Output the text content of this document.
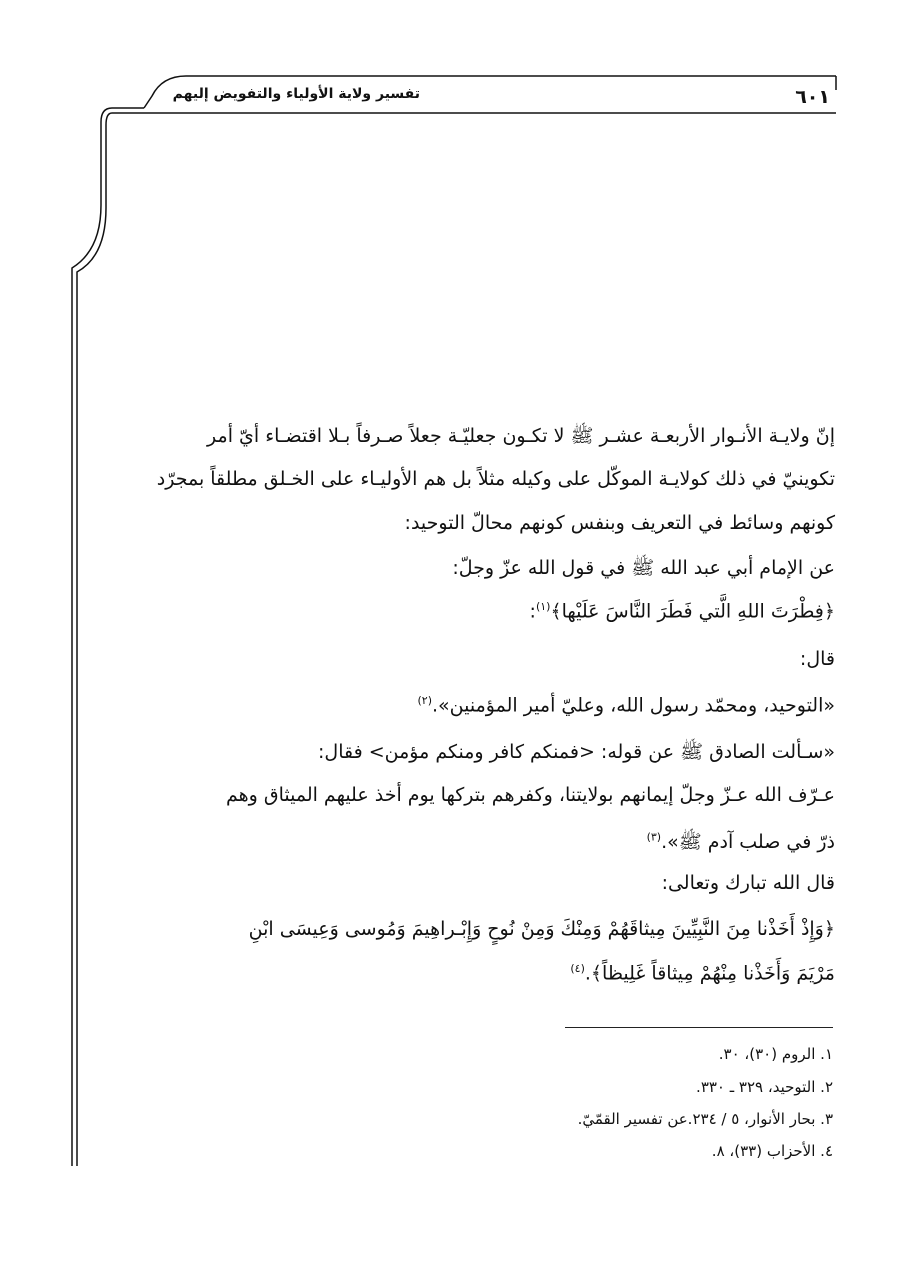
٦٠١
تفسير ولاية الأولياء والتفويض إليهم
إنّ ولايـة الأنـوار الأربعـة عشـر ﷺ لا تكـون جعليّـة جعلاً صـرفاً بـلا اقتضـاء أيّ أمر
تكوينيّ في ذلك كولايـة الموكّل على وكيله مثلاً بل هم الأوليـاء على الخـلق مطلقاً بمجرّد
كونهم وسائط في التعريف وبنفس كونهم محالّ التوحيد:
عن الإمام أبي عبد الله ﷺ في قول الله عزّ وجلّ:
﴿فِطْرَتَ اللهِ الَّتي فَطَرَ النَّاسَ عَلَيْها﴾$^{(١)}$:
قال:
«التوحيد، ومحمّد رسول الله، وعليّ أمير المؤمنين».$^{(٢)}$
«سـألت الصادق ﷺ عن قوله: <فمنكم كافر ومنكم مؤمن> فقال:
عـرّف الله عـزّ وجلّ إيمانهم بولايتنا، وكفرهم بتركها يوم أخذ عليهم الميثاق وهم
ذرّ في صلب آدم ﷺ».$^{(٣)}$
قال الله تبارك وتعالى:
﴿وَإِذْ أَخَذْنا مِنَ النَّبِيِّينَ مِيثاقَهُمْ وَمِنْكَ وَمِنْ نُوحٍ وَإِبْـراهِيمَ وَمُوسى وَعِيسَى ابْنِ
مَرْيَمَ وَأَخَذْنا مِنْهُمْ مِيثاقاً غَلِيظاً﴾.$^{(٤)}$
١. الروم (٣٠)، ٣٠.
٢. التوحيد، ٣٢٩ ـ ٣٣٠.
٣. بحار الأنوار، ٥ / ٢٣٤.عن تفسير القمّيّ.
٤. الأحزاب (٣٣)، ٨.
